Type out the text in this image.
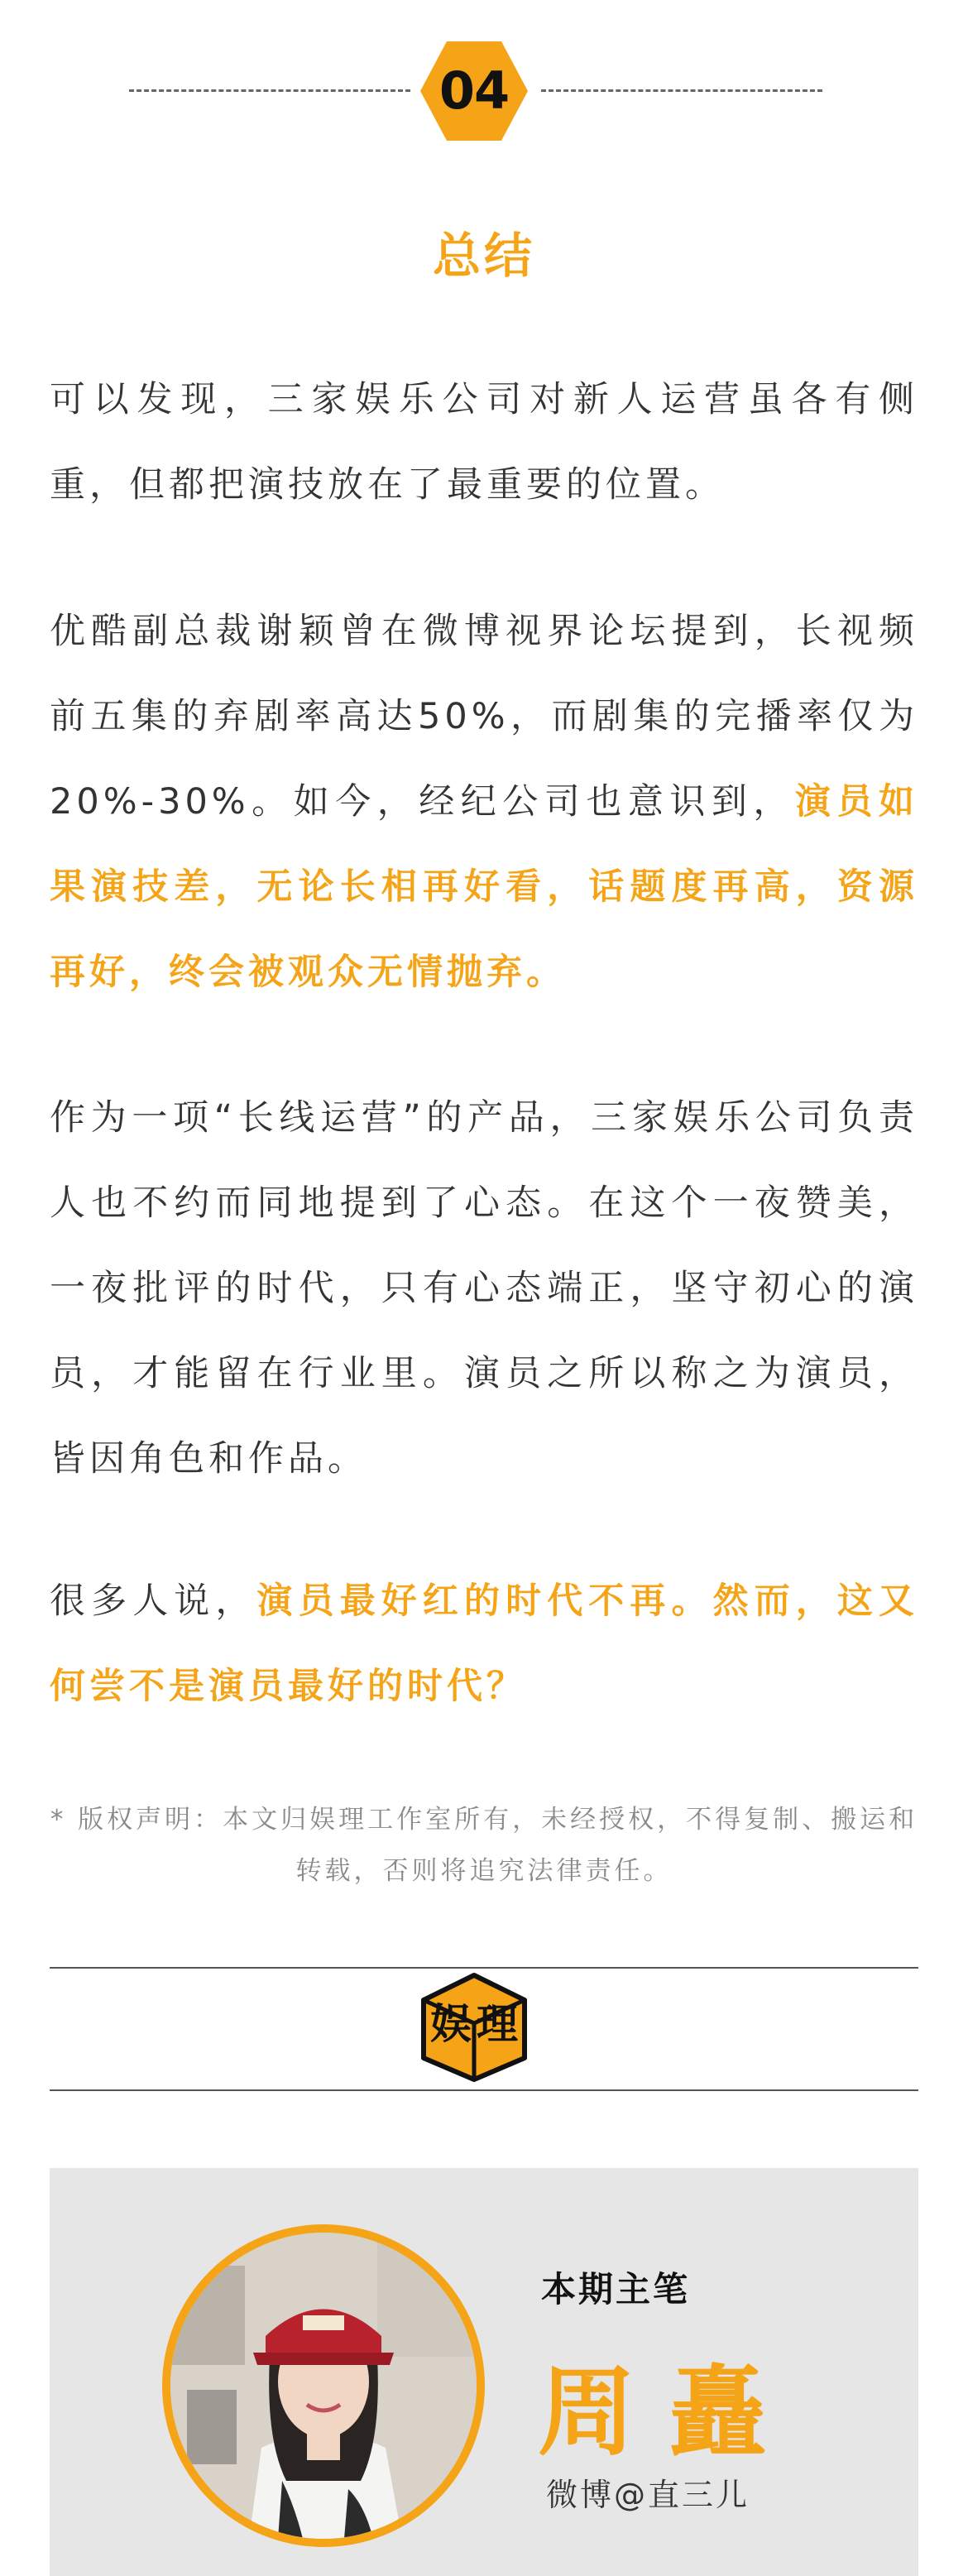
04
总结
可以发现，三家娱乐公司对新人运营虽各有侧重，但都把演技放在了最重要的位置。
优酷副总裁谢颖曾在微博视界论坛提到，长视频前五集的弃剧率高达50%，而剧集的完播率仅为20%-30%。如今，经纪公司也意识到，演员如果演技差，无论长相再好看，话题度再高，资源再好，终会被观众无情抛弃。
作为一项“长线运营”的产品，三家娱乐公司负责人也不约而同地提到了心态。在这个一夜赞美，一夜批评的时代，只有心态端正，坚守初心的演员，才能留在行业里。演员之所以称之为演员，皆因角色和作品。
很多人说，演员最好红的时代不再。然而，这又何尝不是演员最好的时代？
* 版权声明：本文归娱理工作室所有，未经授权，不得复制、搬运和转载，否则将追究法律责任。
娱 理
本期主笔
周矗
微博@直三儿
